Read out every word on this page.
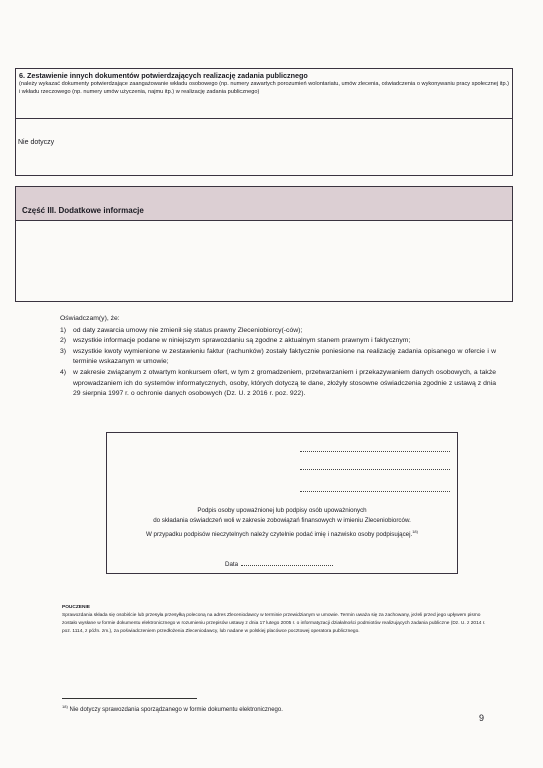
6. Zestawienie innych dokumentów potwierdzających realizację zadania publicznego
(należy wykazać dokumenty potwierdzające zaangażowanie wkładu osobowego (np. numery zawartych porozumień wolontariatu, umów zlecenia, oświadczenia o wykonywaniu pracy społecznej itp.) i wkładu rzeczowego (np. numery umów użyczenia, najmu itp.) w realizację zadania publicznego)
Nie dotyczy
Część III. Dodatkowe informacje
Oświadczam(y), że:
1) od daty zawarcia umowy nie zmienił się status prawny Zleceniobiorcy(-ców);
2) wszystkie informacje podane w niniejszym sprawozdaniu są zgodne z aktualnym stanem prawnym i faktycznym;
3) wszystkie kwoty wymienione w zestawieniu faktur (rachunków) zostały faktycznie poniesione na realizację zadania opisanego w ofercie i w terminie wskazanym w umowie;
4) w zakresie związanym z otwartym konkursem ofert, w tym z gromadzeniem, przetwarzaniem i przekazywaniem danych osobowych, a także wprowadzaniem ich do systemów informatycznych, osoby, których dotyczą te dane, złożyły stosowne oświadczenia zgodnie z ustawą z dnia 29 sierpnia 1997 r. o ochronie danych osobowych (Dz. U. z 2016 r. poz. 922).
Podpis osoby upoważnionej lub podpisy osób upoważnionych
do składania oświadczeń woli w zakresie zobowiązań finansowych w imieniu Zleceniobiorców.
W przypadku podpisów nieczytelnych należy czytelnie podać imię i nazwisko osoby podpisującej.$^{18)}$
Data
POUCZENIE
Sprawozdania składa się osobiście lub przesyła przesyłką poleconą na adres Zleceniodawcy w terminie przewidzianym w umowie. Termin uważa się za zachowany, jeżeli przed jego upływem pismo zostało wysłane w formie dokumentu elektronicznego w rozumieniu przepisów ustawy z dnia 17 lutego 2005 r. o informatyzacji działalności podmiotów realizujących zadania publiczne (Dz. U. z 2014 r. poz. 1114, z późn. zm.), za poświadczeniem przedłożenia Zleceniodawcy, lub nadane w polskiej placówce pocztowej operatora publicznego.
$^{18)}$ Nie dotyczy sprawozdania sporządzanego w formie dokumentu elektronicznego.
9
